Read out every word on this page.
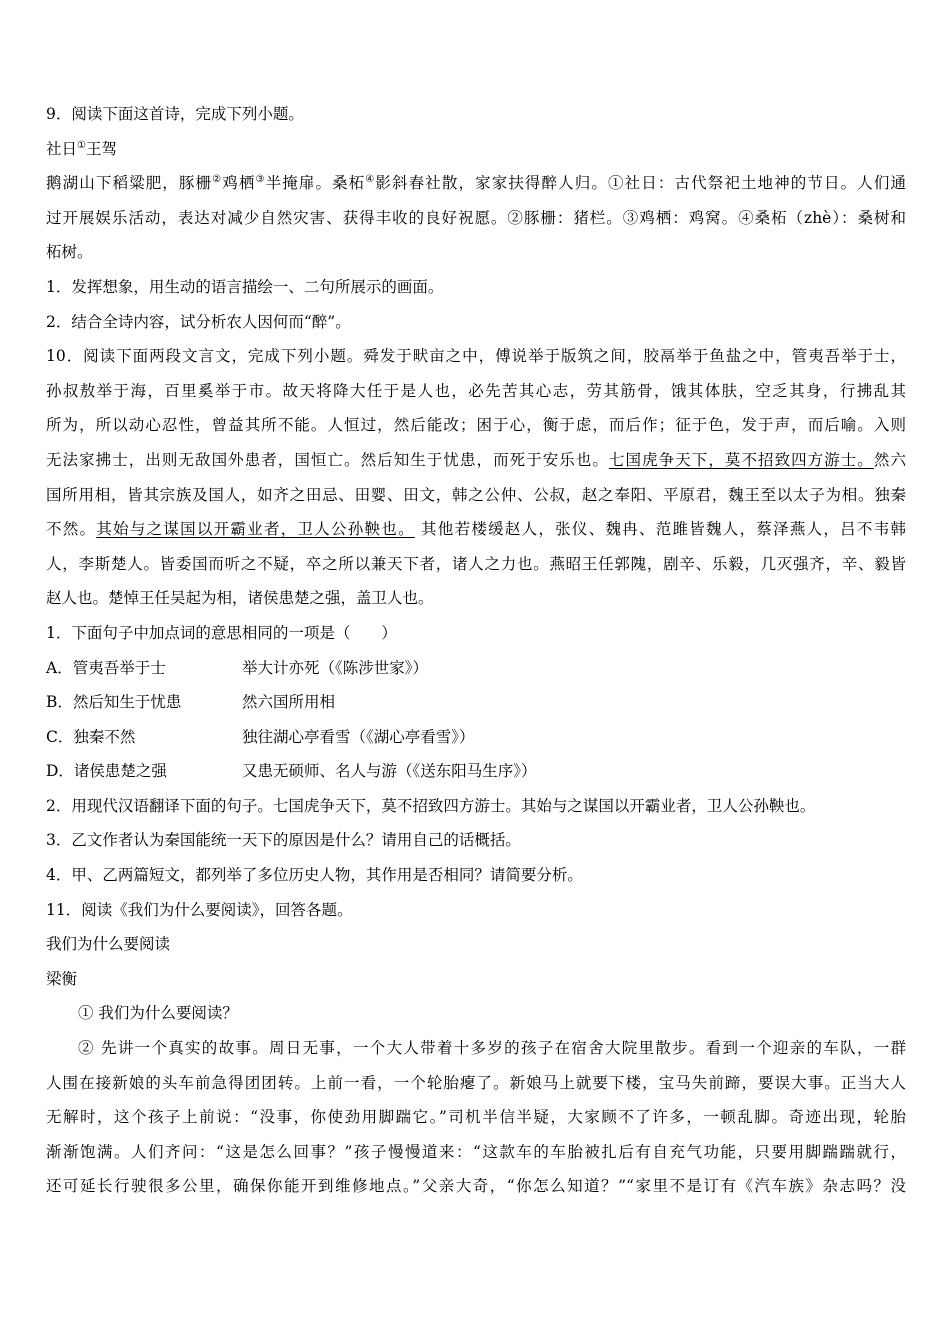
9．阅读下面这首诗，完成下列小题。
社日①王驾
鹅湖山下稻粱肥，豚栅②鸡栖③半掩扉。桑柘④影斜春社散，家家扶得醉人归。①社日：古代祭祀土地神的节日。人们通
过开展娱乐活动，表达对减少自然灾害、获得丰收的良好祝愿。②豚栅：猪栏。③鸡栖：鸡窝。④桑柘（zhè）：桑树和
柘树。
1．发挥想象，用生动的语言描绘一、二句所展示的画面。
2．结合全诗内容，试分析农人因何而“醉”。
10．阅读下面两段文言文，完成下列小题。舜发于畎亩之中，傅说举于版筑之间，胶鬲举于鱼盐之中，管夷吾举于士，
孙叔敖举于海，百里奚举于市。故天将降大任于是人也，必先苦其心志，劳其筋骨，饿其体肤，空乏其身，行拂乱其
所为，所以动心忍性，曾益其所不能。人恒过，然后能改；困于心，衡于虑，而后作；征于色，发于声，而后喻。入则
无法家拂士，出则无敌国外患者，国恒亡。然后知生于忧患，而死于安乐也。七国虎争天下，莫不招致四方游士。然六
国所用相，皆其宗族及国人，如齐之田忌、田婴、田文，韩之公仲、公叔，赵之奉阳、平原君，魏王至以太子为相。独秦
不然。其始与之谋国以开霸业者，卫人公孙鞅也。 其他若楼缓赵人，张仪、魏冉、范雎皆魏人，蔡泽燕人，吕不韦韩
人，李斯楚人。皆委国而听之不疑，卒之所以兼天下者，诸人之力也。燕昭王任郭隗，剧辛、乐毅，几灭强齐，辛、毅皆
赵人也。楚悼王任吴起为相，诸侯患楚之强，盖卫人也。
1．下面句子中加点词的意思相同的一项是（　　）
A．管夷吾举于士	举大计亦死（《陈涉世家》）
B．然后知生于忧患	然六国所用相
C．独秦不然	独往湖心亭看雪（《湖心亭看雪》）
D．诸侯患楚之强	又患无硕师、名人与游（《送东阳马生序》）
2．用现代汉语翻译下面的句子。七国虎争天下，莫不招致四方游士。其始与之谋国以开霸业者，卫人公孙鞅也。
3．乙文作者认为秦国能统一天下的原因是什么？请用自己的话概括。
4．甲、乙两篇短文，都列举了多位历史人物，其作用是否相同？请简要分析。
11．阅读《我们为什么要阅读》，回答各题。
我们为什么要阅读
梁衡
① 我们为什么要阅读？
② 先讲一个真实的故事。周日无事，一个大人带着十多岁的孩子在宿舍大院里散步。看到一个迎亲的车队，一群
人围在接新娘的头车前急得团团转。上前一看，一个轮胎瘪了。新娘马上就要下楼，宝马失前蹄，要误大事。正当大人
无解时，这个孩子上前说：“没事，你使劲用脚踹它。”司机半信半疑，大家顾不了许多，一顿乱脚。奇迹出现，轮胎
渐渐饱满。人们齐问：“这是怎么回事？”孩子慢慢道来：“这款车的车胎被扎后有自充气功能，只要用脚踹踹就行，
还可延长行驶很多公里，确保你能开到维修地点。”父亲大奇，“你怎么知道？”“家里不是订有《汽车族》杂志吗？没
